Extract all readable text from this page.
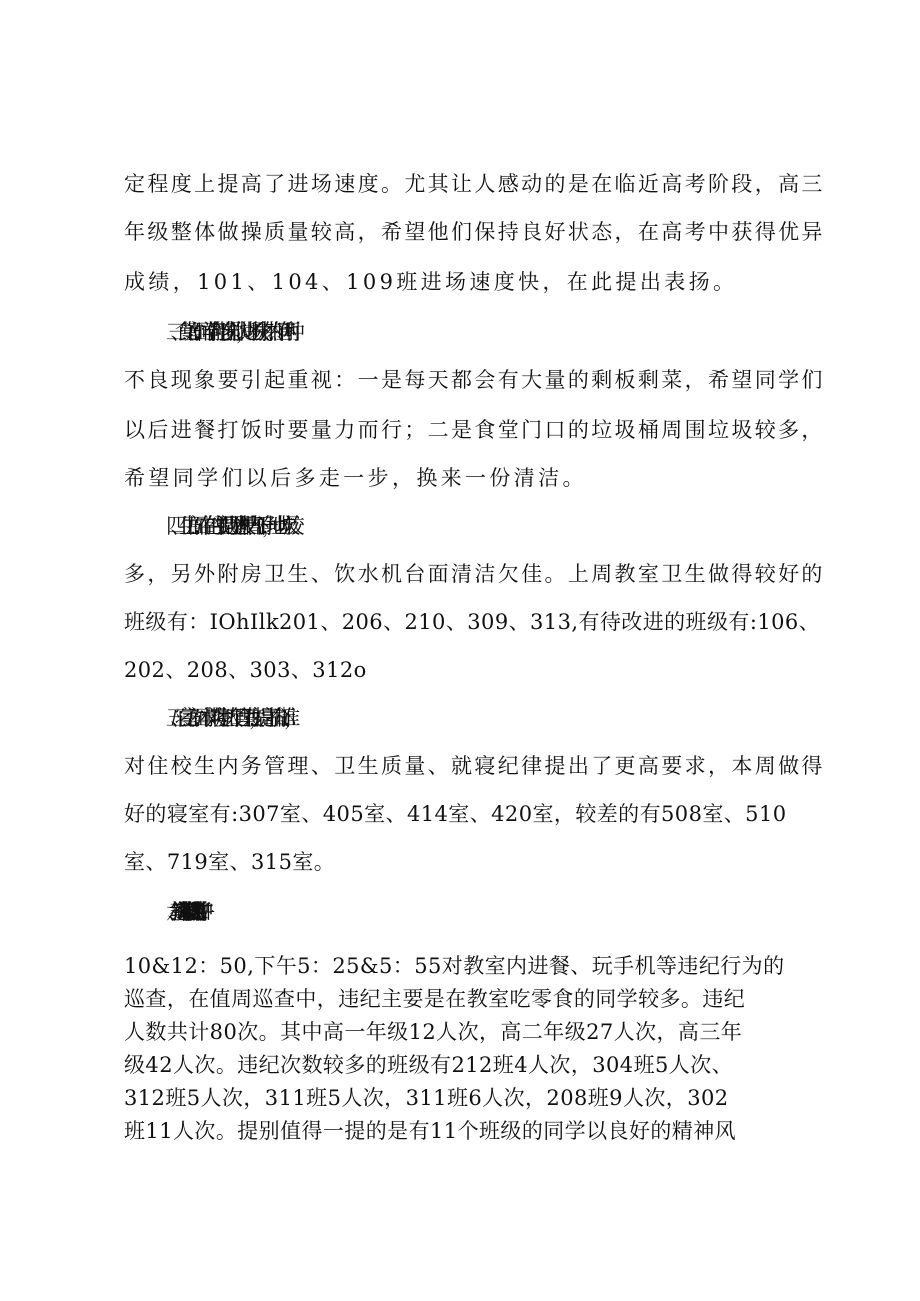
定程度上提高了进场速度。尤其让人感动的是在临近高考阶段，高三
年级整体做操质量较高，希望他们保持良好状态，在高考中获得优异
成绩，101、104、109班进场速度快，在此提出表扬。
三、食堂方面：同学们能够自觉排队，进场秩序井然。但有两种
不良现象要引起重视：一是每天都会有大量的剩板剩菜，希望同学们
以后进餐打饭时要量力而行；二是食堂门口的垃圾桶周围垃圾较多，
希望同学们以后多走一步，换来一份清洁。
四、卫生方面：存在的主要问题是黑板槽内不干净，地上垃圾较
多，另外附房卫生、饮水机台面清洁欠佳。上周教室卫生做得较好的
班级有：IOhIlk201、206、210、309、313,有待改进的班级有:106、
202、208、303、312o
五、寝室方面：本学期寝室加大了管理力度，提高了扣分标准，
对住校生内务管理、卫生质量、就寝纪律提出了更高要求，本周做得
好的寝室有:307室、405室、414室、420室，较差的有508室、510
室、719室、315室。
六、教室巡查：本周根据政教处要求增加了中午12：
10&12：50,下午5：25&5：55对教室内进餐、玩手机等违纪行为的
巡查，在值周巡查中，违纪主要是在教室吃零食的同学较多。违纪
人数共计80次。其中高一年级12人次，高二年级27人次，高三年
级42人次。违纪次数较多的班级有212班4人次，304班5人次、
312班5人次，311班5人次，311班6人次，208班9人次，302
班11人次。提别值得一提的是有11个班级的同学以良好的精神风
